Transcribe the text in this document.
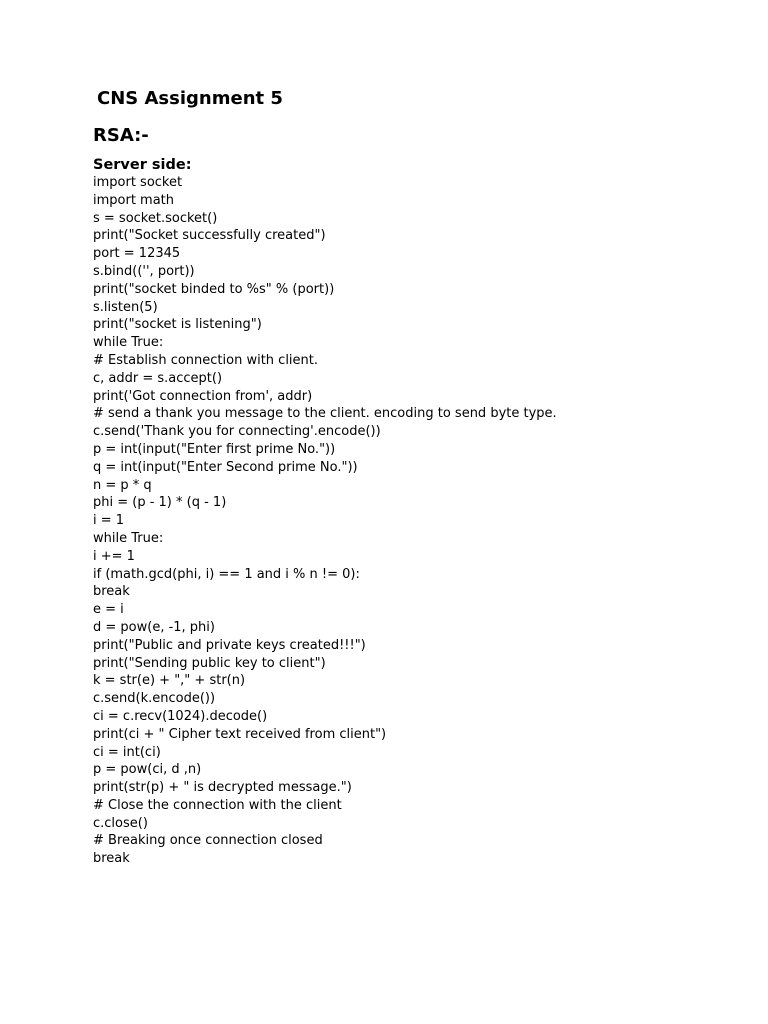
CNS Assignment 5
RSA:-
Server side:
import socket
import math
s = socket.socket()
print("Socket successfully created")
port = 12345
s.bind(('', port))
print("socket binded to %s" % (port))
s.listen(5)
print("socket is listening")
while True:
# Establish connection with client.
c, addr = s.accept()
print('Got connection from', addr)
# send a thank you message to the client. encoding to send byte type.
c.send('Thank you for connecting'.encode())
p = int(input("Enter first prime No."))
q = int(input("Enter Second prime No."))
n = p * q
phi = (p - 1) * (q - 1)
i = 1
while True:
i += 1
if (math.gcd(phi, i) == 1 and i % n != 0):
break
e = i
d = pow(e, -1, phi)
print("Public and private keys created!!!")
print("Sending public key to client")
k = str(e) + "," + str(n)
c.send(k.encode())
ci = c.recv(1024).decode()
print(ci + " Cipher text received from client")
ci = int(ci)
p = pow(ci, d ,n)
print(str(p) + " is decrypted message.")
# Close the connection with the client
c.close()
# Breaking once connection closed
break
